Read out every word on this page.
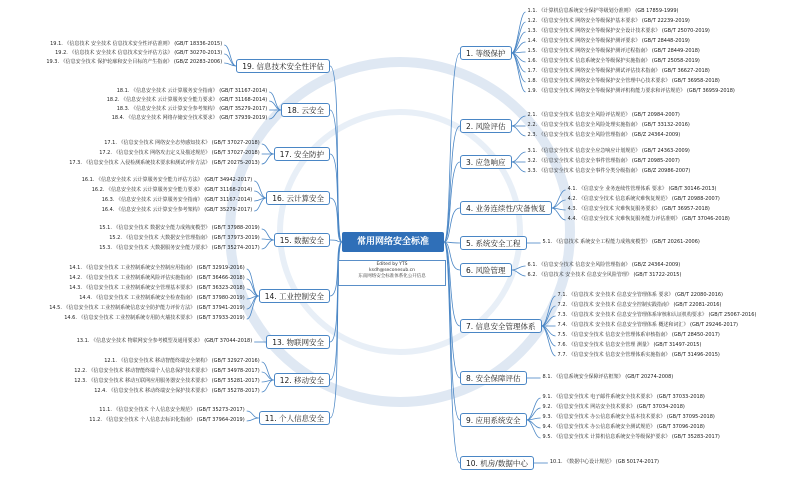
常用网络安全标准
Edited by YTS
ksdh@seconesub.cn
东南网络安全标准体系化公开信息
1. 等级保护
1.1. 《计算机信息系统安全保护等级划分准则》 (GB 17859-1999)
1.2. 《信息安全技术 网络安全等级保护基本要求》 (GB/T 22239-2019)
1.3. 《信息安全技术 网络安全等级保护安全设计技术要求》 (GB/T 25070-2019)
1.4. 《信息安全技术 网络安全等级保护测评要求》 (GB/T 28448-2019)
1.5. 《信息安全技术 网络安全等级保护测评过程指南》 (GB/T 28449-2018)
1.6. 《信息安全技术 信息系统安全等级保护实施指南》 (GB/T 25058-2019)
1.7. 《信息安全技术 网络安全等级保护测试评估技术指南》 (GB/T 36627-2018)
1.8. 《信息安全技术 网络安全等级保护安全管理中心技术要求》 (GB/T 36958-2018)
1.9. 《信息安全技术 网络安全等级保护测评机构能力要求和评估规范》 (GB/T 36959-2018)
2. 风险评估
2.1. 《信息安全技术 信息安全风险评估规范》 (GB/T 20984-2007)
2.2. 《信息安全技术 信息安全风险处理实施指南》 (GB/T 33132-2016)
2.3. 《信息安全技术 信息安全风险管理指南》 (GB/Z 24364-2009)
3. 应急响应
3.1. 《信息安全技术 信息安全应急响应计划规范》 (GB/T 24363-2009)
3.2. 《信息安全技术 信息安全事件管理指南》 (GB/T 20985-2007)
3.3. 《信息安全技术 信息安全事件分类分级指南》 (GB/Z 20986-2007)
4. 业务连续性/灾备恢复
4.1. 《信息安全 业务连续性管理体系 要求》 (GB/T 30146-2013)
4.2. 《信息安全技术 信息系统灾难恢复规范》 (GB/T 20988-2007)
4.3. 《信息安全技术 灾难恢复服务要求》 (GB/T 36957-2018)
4.4. 《信息安全技术 灾难恢复服务能力评估准则》 (GB/T 37046-2018)
5. 系统安全工程	5.1. 《信息技术 系统安全工程能力成熟度模型》 (GB/T 20261-2006)
6. 风险管理
6.1. 《信息安全技术 信息安全风险管理指南》 (GB/Z 24364-2009)
6.2. 《信息技术 安全技术 信息安全风险管理》 (GB/T 31722-2015)
7. 信息安全管理体系
7.1. 《信息技术 安全技术 信息安全管理体系 要求》 (GB/T 22080-2016)
7.2. 《信息技术 安全技术 信息安全控制实践指南》 (GB/T 22081-2016)
7.3. 《信息技术 安全技术 信息安全管理体系审核和认证机构要求》 (GB/T 25067-2016)
7.4. 《信息技术 安全技术 信息安全管理体系 概述和词汇》 (GB/T 29246-2017)
7.5. 《信息安全技术 信息安全管理体系审核指南》 (GB/T 28450-2017)
7.6. 《信息安全技术 信息安全管理 测量》 (GB/T 31497-2015)
7.7. 《信息安全技术 信息安全管理体系实施指南》 (GB/T 31496-2015)
8. 安全保障评估	8.1. 《信息系统安全保障评估框架》 (GB/T 20274-2008)
9. 应用系统安全
9.1. 《信息安全技术 电子邮件系统安全技术要求》 (GB/T 37033-2018)
9.2. 《信息安全技术 网站安全技术要求》 (GB/T 37034-2018)
9.3. 《信息安全技术 办公信息系统安全基本技术要求》 (GB/T 37095-2018)
9.4. 《信息安全技术 办公信息系统安全测试规范》 (GB/T 37096-2018)
9.5. 《信息安全技术 计算机信息系统安全等级保护要求》 (GB/T 35283-2017)
10. 机房/数据中心	10.1. 《数据中心设计规范》 (GB 50174-2017)
19. 信息技术安全性评估
19.1. 《信息技术 安全技术 信息技术安全性评估准则》 (GB/T 18336-2015)
19.2. 《信息技术 安全技术 信息技术安全评估方法》 (GB/T 30270-2013)
19.3. 《信息安全技术 保护轮廓和安全目标的产生指南》 (GB/Z 20283-2006)
18. 云安全
18.1. 《信息安全技术 云计算服务安全指南》 (GB/T 31167-2014)
18.2. 《信息安全技术 云计算服务安全能力要求》 (GB/T 31168-2014)
18.3. 《信息安全技术 云计算安全参考架构》 (GB/T 35279-2017)
18.4. 《信息安全技术 网络存储安全技术要求》 (GB/T 37939-2019)
17. 安全防护
17.1. 《信息安全技术 网络安全态势感知技术》 (GB/T 37027-2018)
17.2. 《信息安全技术 网络攻击定义及描述规范》 (GB/T 37027-2018)
17.3. 《信息安全技术 入侵检测系统技术要求和测试评价方法》 (GB/T 20275-2013)
16. 云计算安全
16.1. 《信息安全技术 云计算服务安全能力评估方法》 (GB/T 34942-2017)
16.2. 《信息安全技术 云计算服务安全能力要求》 (GB/T 31168-2014)
16.3. 《信息安全技术 云计算服务安全指南》 (GB/T 31167-2014)
16.4. 《信息安全技术 云计算安全参考架构》 (GB/T 35279-2017)
15. 数据安全
15.1. 《信息安全技术 数据安全能力成熟度模型》 (GB/T 37988-2019)
15.2. 《信息安全技术 大数据安全管理指南》 (GB/T 37973-2019)
15.3. 《信息安全技术 大数据服务安全能力要求》 (GB/T 35274-2017)
14. 工业控制安全
14.1. 《信息安全技术 工业控制系统安全控制应用指南》 (GB/T 32919-2016)
14.2. 《信息安全技术 工业控制系统风险评估实施指南》 (GB/T 36466-2018)
14.3. 《信息安全技术 工业控制系统安全管理基本要求》 (GB/T 36323-2018)
14.4. 《信息安全技术 工业控制系统安全检查指南》 (GB/T 37980-2019)
14.5. 《信息安全技术 工业控制系统信息安全防护能力评价方法》 (GB/T 37941-2019)
14.6. 《信息安全技术 工业控制系统专用防火墙技术要求》 (GB/T 37933-2019)
13. 物联网安全
13.1. 《信息安全技术 物联网安全参考模型及通用要求》 (GB/T 37044-2018)
12. 移动安全
12.1. 《信息安全技术 移动智能终端安全架构》 (GB/T 32927-2016)
12.2. 《信息安全技术 移动智能终端个人信息保护技术要求》 (GB/T 34978-2017)
12.3. 《信息安全技术 移动互联网应用服务器安全技术要求》 (GB/T 35281-2017)
12.4. 《信息安全技术 移动终端安全保护技术要求》 (GB/T 35278-2017)
11. 个人信息安全
11.1. 《信息安全技术 个人信息安全规范》 (GB/T 35273-2017)
11.2. 《信息安全技术 个人信息去标识化指南》 (GB/T 37964-2019)
